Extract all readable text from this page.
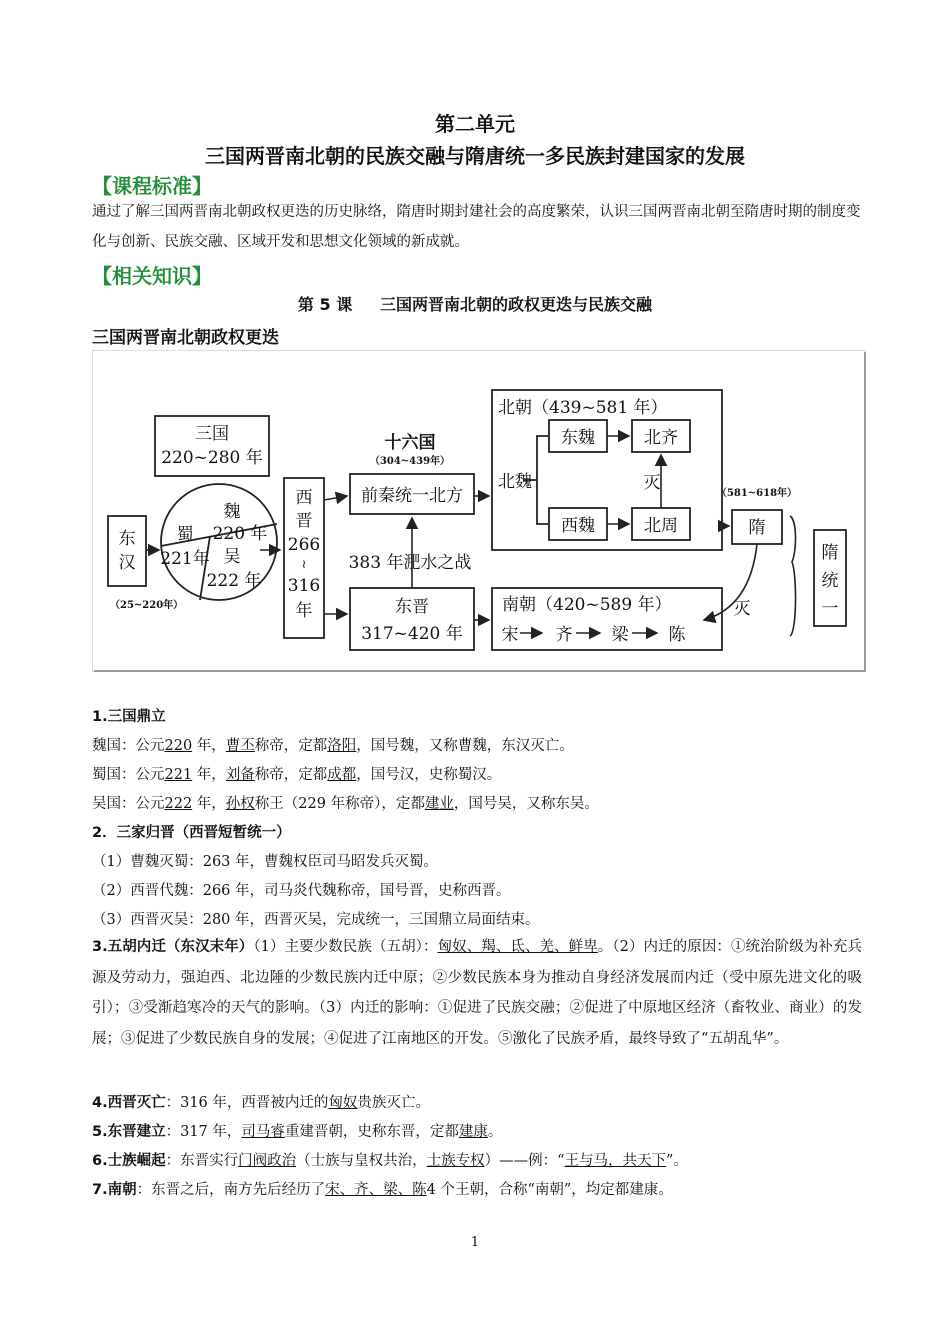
第二单元
三国两晋南北朝的民族交融与隋唐统一多民族封建国家的发展
【课程标准】
通过了解三国两晋南北朝政权更迭的历史脉络，隋唐时期封建社会的高度繁荣，认识三国两晋南北朝至隋唐时期的制度变化与创新、民族交融、区域开发和思想文化领域的新成就。
【相关知识】
第 5 课     三国两晋南北朝的政权更迭与民族交融
三国两晋南北朝政权更迭
东
汉
（25~220年）
三国
220~280 年
魏
220 年
蜀
221年 吴
222 年
西
晋
266
≀
316
年
十六国
（304~439年）
前秦统一北方
383 年淝水之战
东晋
317~420 年
北朝（439~581 年）
北魏
东魏	北齐
西魏	北周
灭
隋
（581~618年）
隋
统
一
灭
南朝（420~589 年）
宋 齐 梁 陈
1.三国鼎立
魏国：公元220 年，曹丕称帝，定都洛阳，国号魏，又称曹魏，东汉灭亡。
蜀国：公元221 年，刘备称帝，定都成都，国号汉，史称蜀汉。
吴国：公元222 年，孙权称王（229 年称帝），定都建业，国号吴，又称东吴。
2．三家归晋（西晋短暂统一）
（1）曹魏灭蜀：263 年，曹魏权臣司马昭发兵灭蜀。
（2）西晋代魏：266 年，司马炎代魏称帝，国号晋，史称西晋。
（3）西晋灭吴：280 年，西晋灭吴，完成统一，三国鼎立局面结束。
3.五胡内迁（东汉末年）（1）主要少数民族（五胡）：匈奴、羯、氐、羌、鲜卑。（2）内迁的原因：①统治阶级为补充兵源及劳动力，强迫西、北边陲的少数民族内迁中原；②少数民族本身为推动自身经济发展而内迁（受中原先进文化的吸引）；③受渐趋寒冷的天气的影响。（3）内迁的影响：①促进了民族交融；②促进了中原地区经济（畜牧业、商业）的发展；③促进了少数民族自身的发展；④促进了江南地区的开发。⑤激化了民族矛盾，最终导致了“五胡乱华”。
4.西晋灭亡：316 年，西晋被内迁的匈奴贵族灭亡。
5.东晋建立：317 年，司马睿重建晋朝，史称东晋，定都建康。
6.士族崛起：东晋实行门阀政治（士族与皇权共治，士族专权）——例：“王与马，共天下”。
7.南朝：东晋之后，南方先后经历了宋、齐、梁、陈4 个王朝，合称“南朝”，均定都建康。
1
